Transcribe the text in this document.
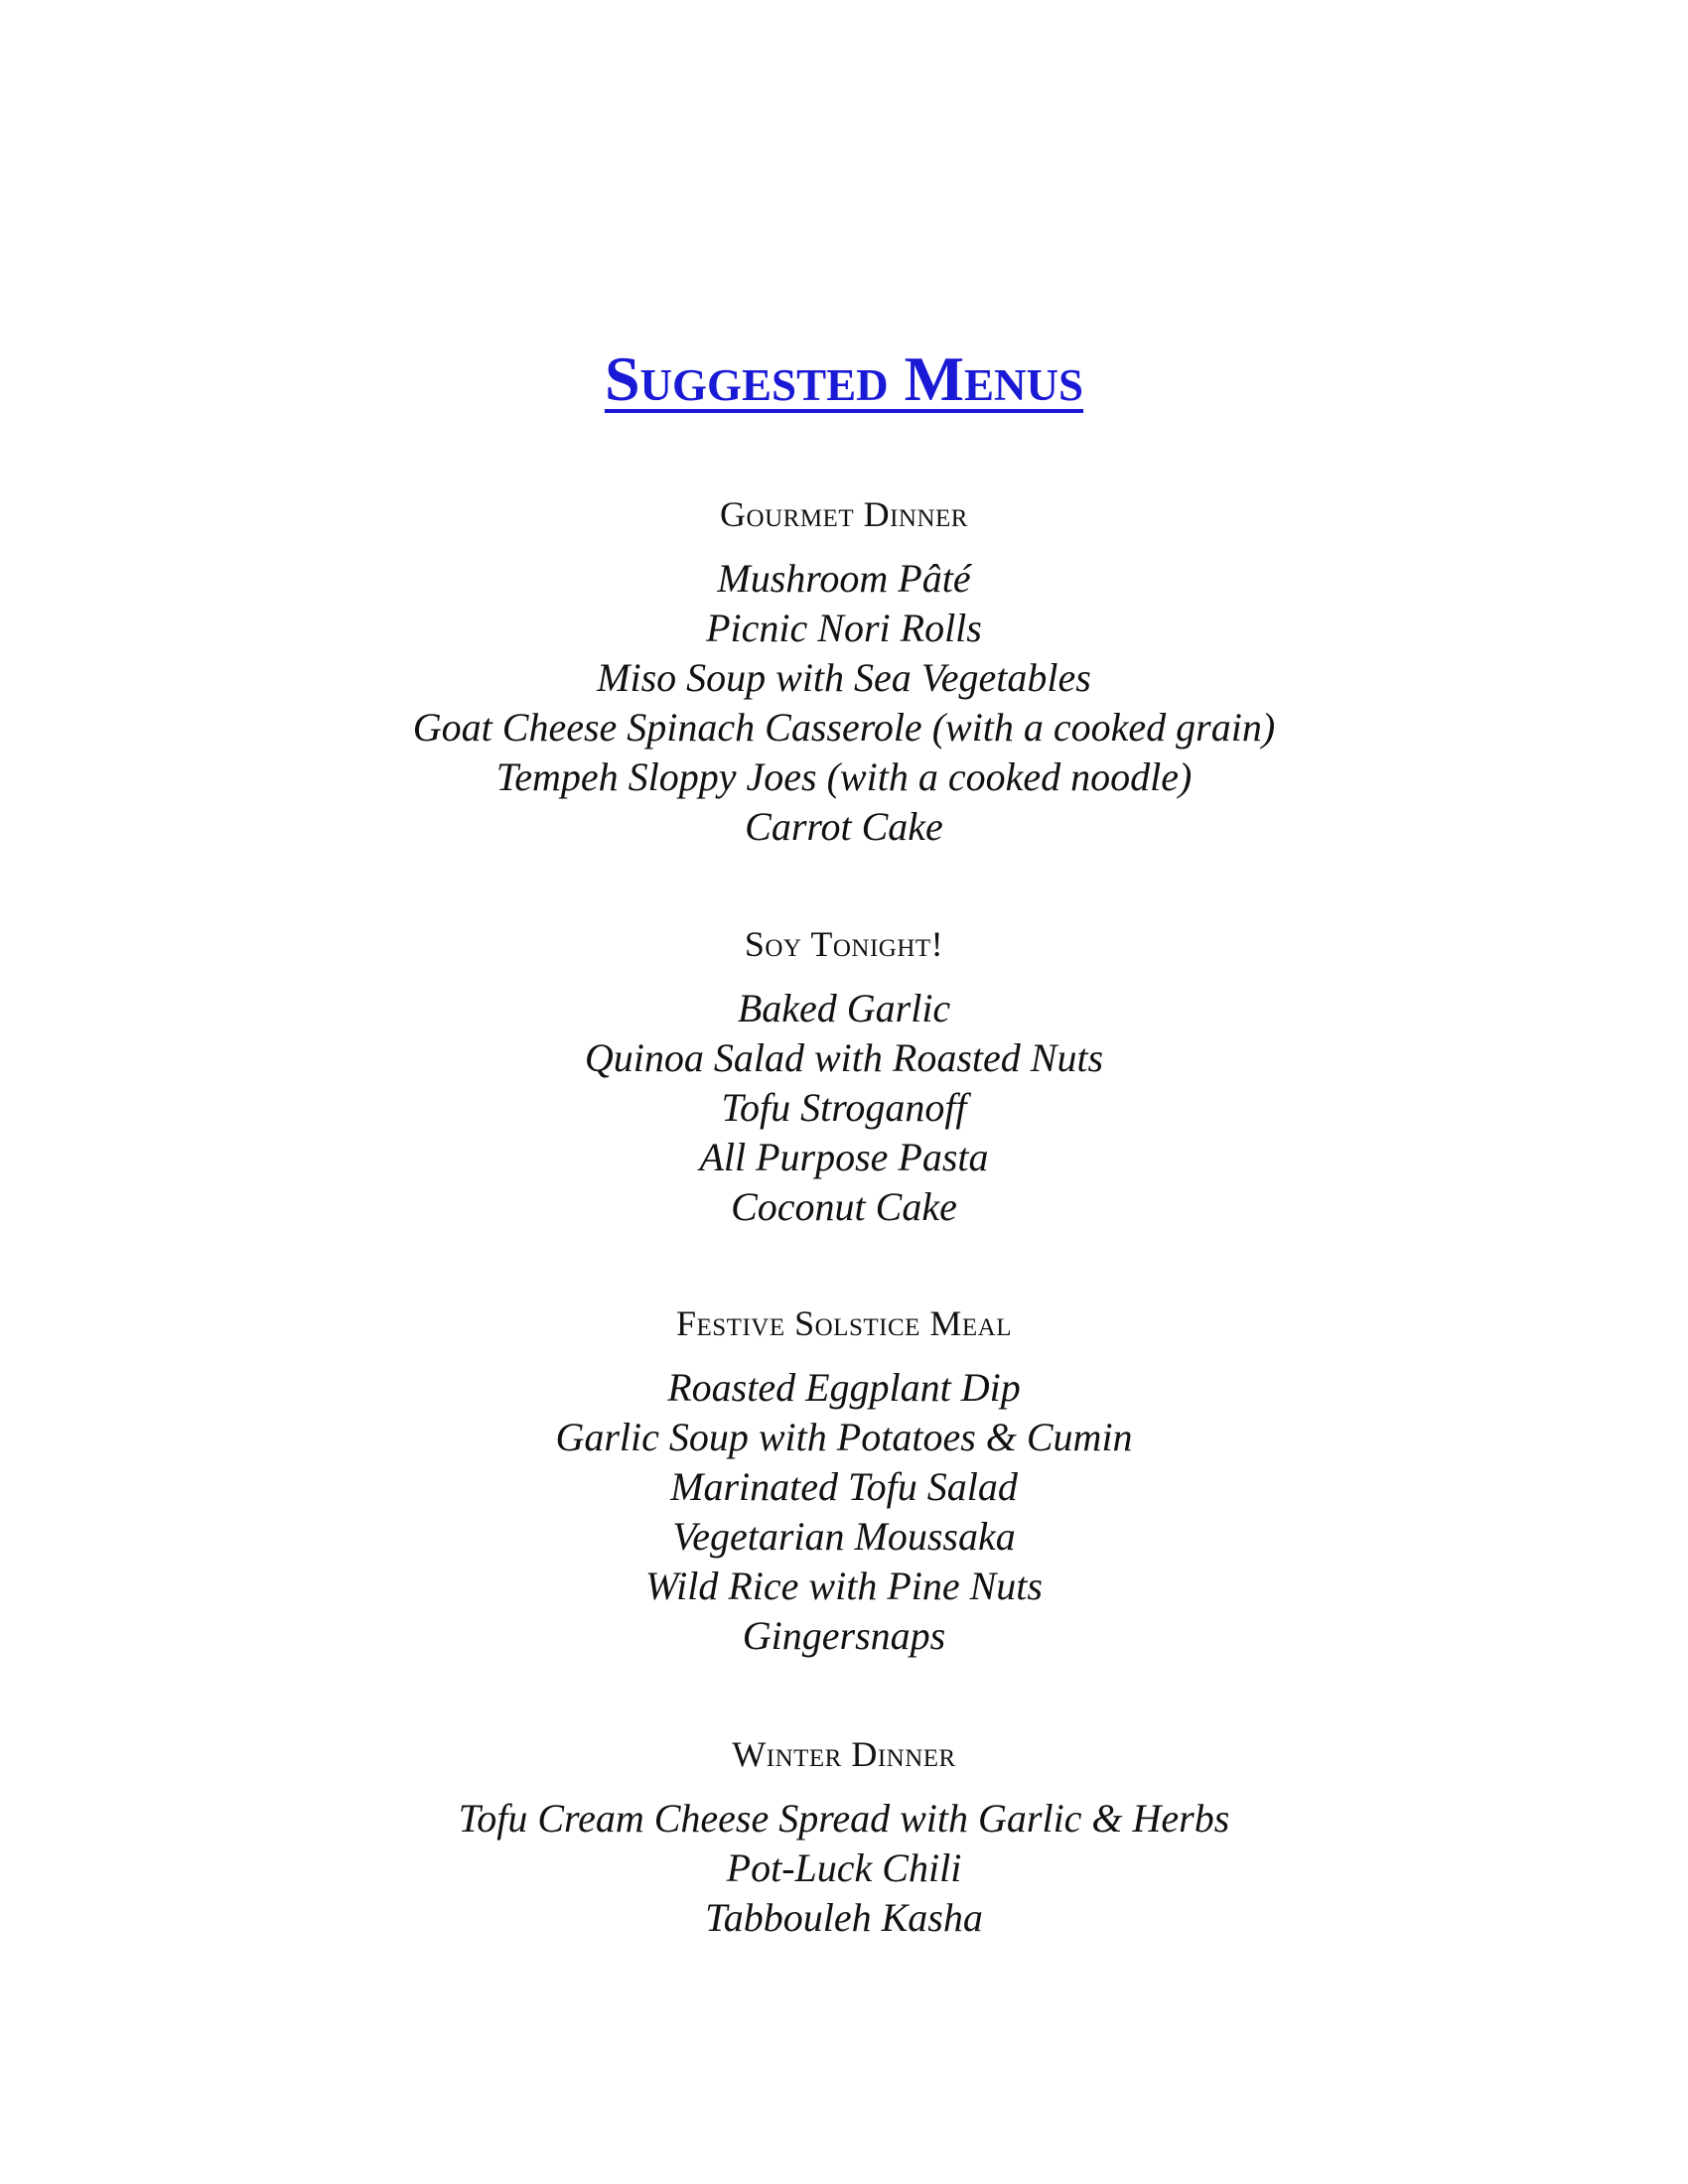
Suggested Menus
Gourmet Dinner
Mushroom Pâté
Picnic Nori Rolls
Miso Soup with Sea Vegetables
Goat Cheese Spinach Casserole (with a cooked grain)
Tempeh Sloppy Joes (with a cooked noodle)
Carrot Cake
Soy Tonight!
Baked Garlic
Quinoa Salad with Roasted Nuts
Tofu Stroganoff
All Purpose Pasta
Coconut Cake
Festive Solstice Meal
Roasted Eggplant Dip
Garlic Soup with Potatoes & Cumin
Marinated Tofu Salad
Vegetarian Moussaka
Wild Rice with Pine Nuts
Gingersnaps
Winter Dinner
Tofu Cream Cheese Spread with Garlic & Herbs
Pot-Luck Chili
Tabbouleh Kasha
